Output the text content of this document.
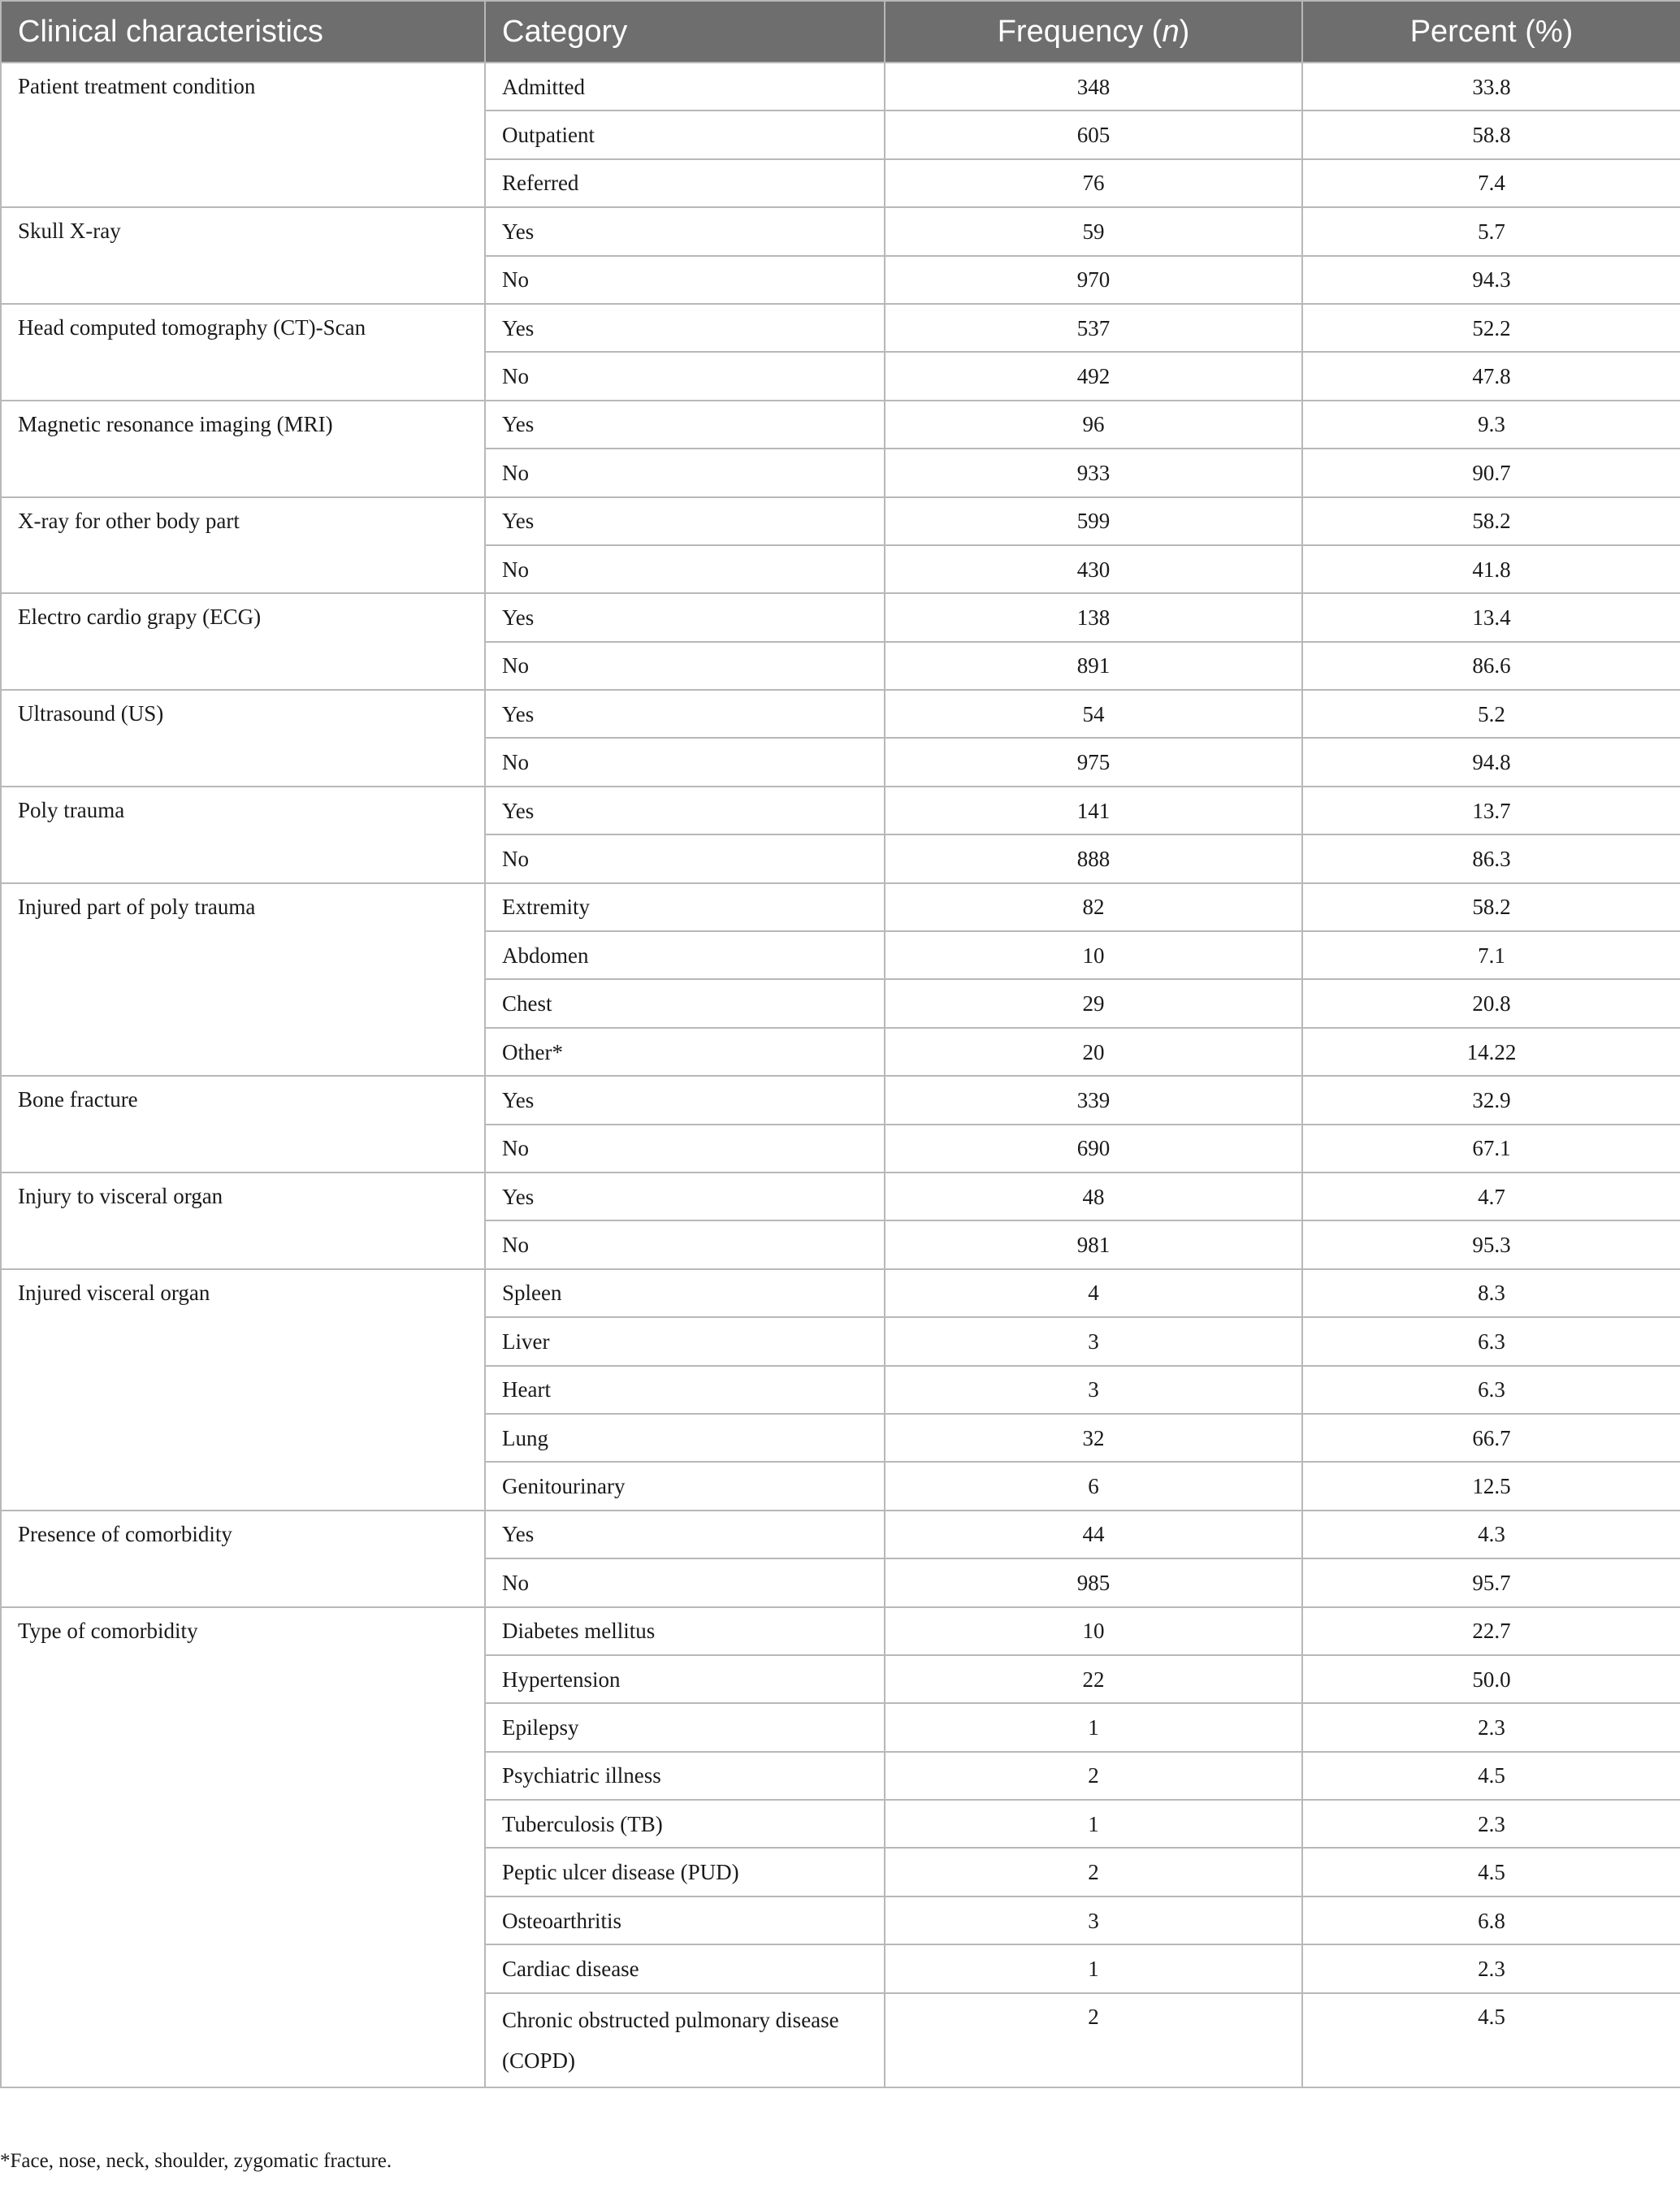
Clinical characteristics	Category	Frequency (n)	Percent (%)
Patient treatment condition	Admitted	348	33.8
	Outpatient	605	58.8
	Referred	76	7.4
Skull X-ray	Yes	59	5.7
	No	970	94.3
Head computed tomography (CT)-Scan	Yes	537	52.2
	No	492	47.8
Magnetic resonance imaging (MRI)	Yes	96	9.3
	No	933	90.7
X-ray for other body part	Yes	599	58.2
	No	430	41.8
Electro cardio grapy (ECG)	Yes	138	13.4
	No	891	86.6
Ultrasound (US)	Yes	54	5.2
	No	975	94.8
Poly trauma	Yes	141	13.7
	No	888	86.3
Injured part of poly trauma	Extremity	82	58.2
	Abdomen	10	7.1
	Chest	29	20.8
	Other*	20	14.22
Bone fracture	Yes	339	32.9
	No	690	67.1
Injury to visceral organ	Yes	48	4.7
	No	981	95.3
Injured visceral organ	Spleen	4	8.3
	Liver	3	6.3
	Heart	3	6.3
	Lung	32	66.7
	Genitourinary	6	12.5
Presence of comorbidity	Yes	44	4.3
	No	985	95.7
Type of comorbidity	Diabetes mellitus	10	22.7
	Hypertension	22	50.0
	Epilepsy	1	2.3
	Psychiatric illness	2	4.5
	Tuberculosis (TB)	1	2.3
	Peptic ulcer disease (PUD)	2	4.5
	Osteoarthritis	3	6.8
	Cardiac disease	1	2.3
	Chronic obstructed pulmonary disease (COPD)	2	4.5
*Face, nose, neck, shoulder, zygomatic fracture.
